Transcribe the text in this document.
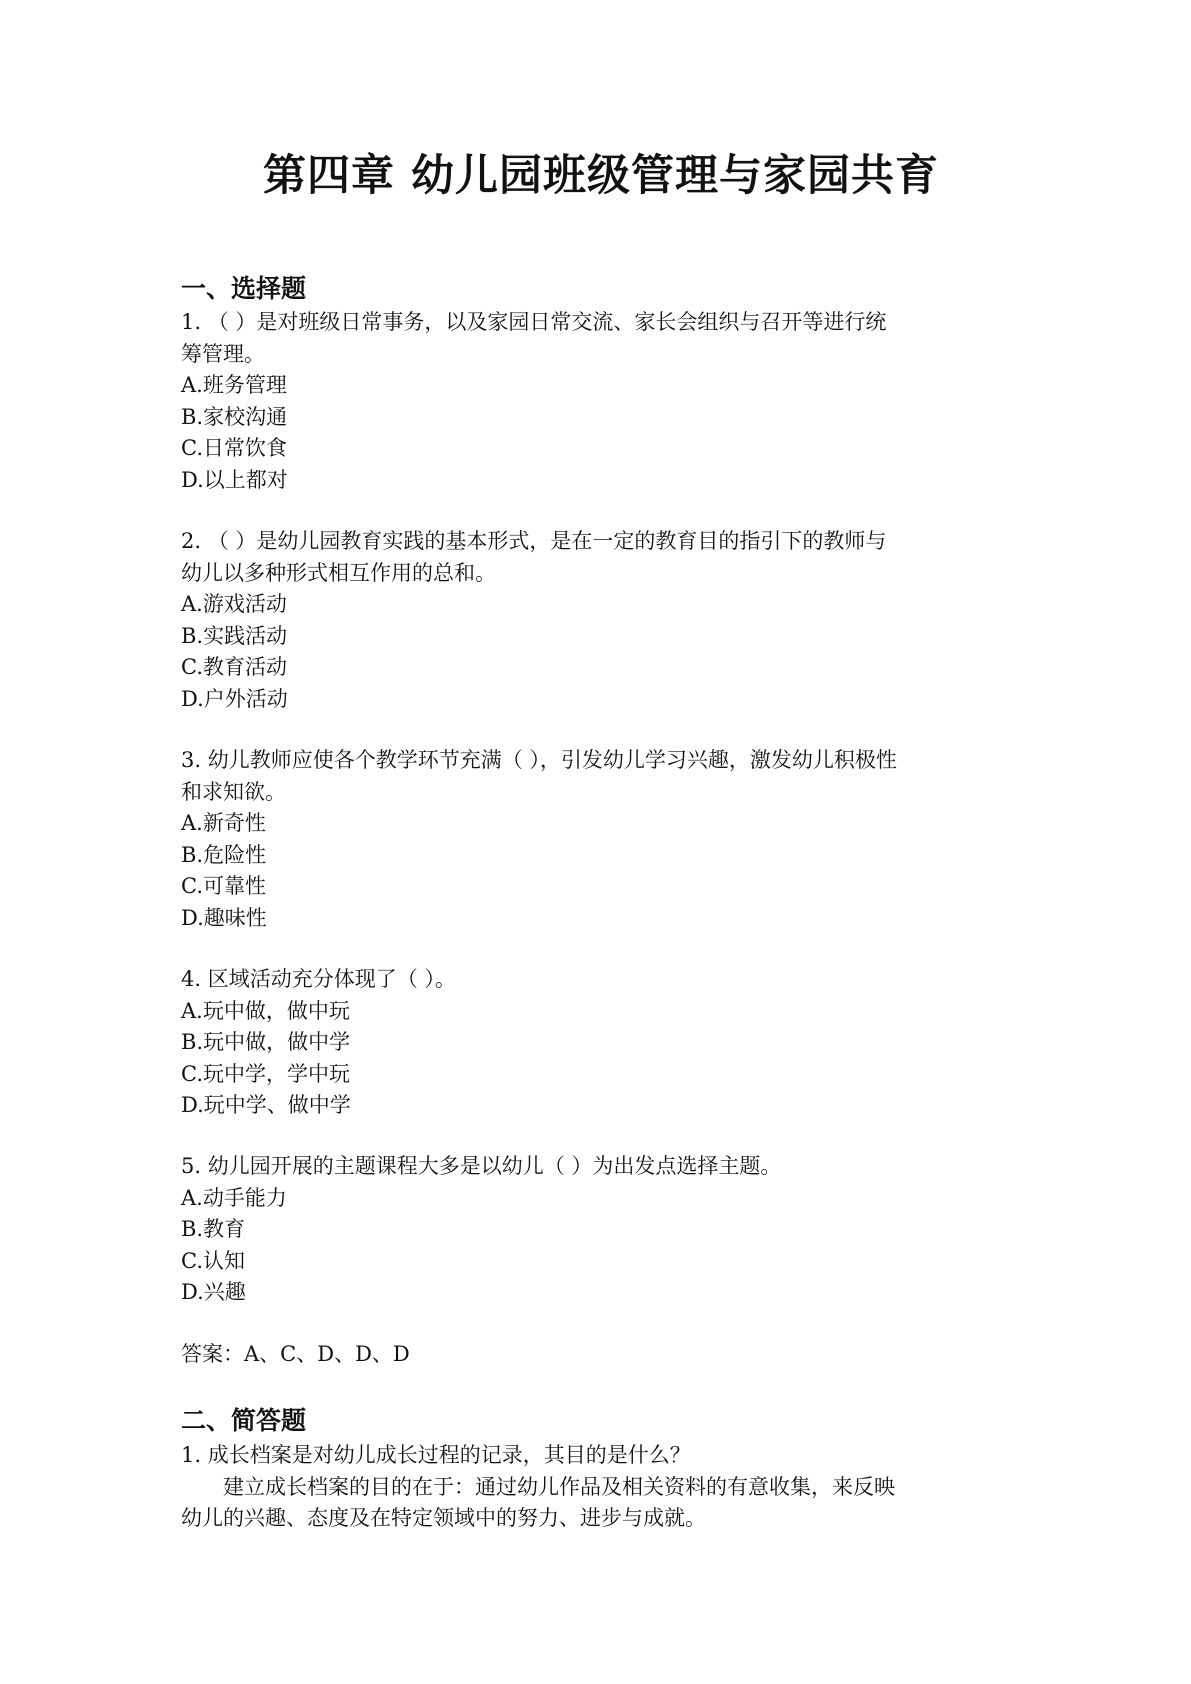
第四章 幼儿园班级管理与家园共育
一、选择题

1. （ ）是对班级日常事务，以及家园日常交流、家长会组织与召开等进行统

筹管理。

A.班务管理

B.家校沟通

C.日常饮食

D.以上都对

2. （ ）是幼儿园教育实践的基本形式，是在一定的教育目的指引下的教师与

幼儿以多种形式相互作用的总和。

A.游戏活动

B.实践活动

C.教育活动

D.户外活动

3. 幼儿教师应使各个教学环节充满（ ），引发幼儿学习兴趣，激发幼儿积极性

和求知欲。

A.新奇性

B.危险性

C.可靠性

D.趣味性

4. 区域活动充分体现了（ ）。

A.玩中做，做中玩

B.玩中做，做中学

C.玩中学，学中玩

D.玩中学、做中学

5. 幼儿园开展的主题课程大多是以幼儿（ ）为出发点选择主题。

A.动手能力

B.教育

C.认知

D.兴趣

答案：A、C、D、D、D

二、简答题

1. 成长档案是对幼儿成长过程的记录，其目的是什么？

建立成长档案的目的在于：通过幼儿作品及相关资料的有意收集，来反映

幼儿的兴趣、态度及在特定领域中的努力、进步与成就。
